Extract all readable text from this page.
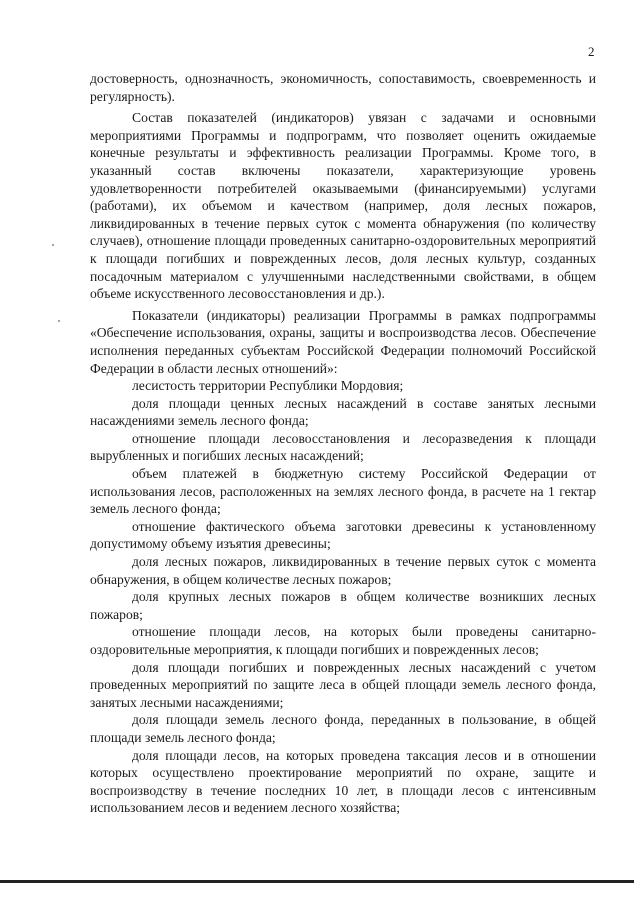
2

достоверность, однозначность, экономичность, сопоставимость, своевременность и регулярность).

Состав показателей (индикаторов) увязан с задачами и основными мероприятиями Программы и подпрограмм, что позволяет оценить ожидаемые конечные результаты и эффективность реализации Программы. Кроме того, в указанный состав включены показатели, характеризующие уровень удовлетворенности потребителей оказываемыми (финансируемыми) услугами (работами), их объемом и качеством (например, доля лесных пожаров, ликвидированных в течение первых суток с момента обнаружения (по количеству случаев), отношение площади проведенных санитарно-оздоровительных мероприятий к площади погибших и поврежденных лесов, доля лесных культур, созданных посадочным материалом с улучшенными наследственными свойствами, в общем объеме искусственного лесовосстановления и др.).

Показатели (индикаторы) реализации Программы в рамках подпрограммы «Обеспечение использования, охраны, защиты и воспроизводства лесов. Обеспечение исполнения переданных субъектам Российской Федерации полномочий Российской Федерации в области лесных отношений»:

лесистость территории Республики Мордовия;

доля площади ценных лесных насаждений в составе занятых лесными насаждениями земель лесного фонда;

отношение площади лесовосстановления и лесоразведения к площади вырубленных и погибших лесных насаждений;

объем платежей в бюджетную систему Российской Федерации от использования лесов, расположенных на землях лесного фонда, в расчете на 1 гектар земель лесного фонда;

отношение фактического объема заготовки древесины к установленному допустимому объему изъятия древесины;

доля лесных пожаров, ликвидированных в течение первых суток с момента обнаружения, в общем количестве лесных пожаров;

доля крупных лесных пожаров в общем количестве возникших лесных пожаров;

отношение площади лесов, на которых были проведены санитарно-оздоровительные мероприятия, к площади погибших и поврежденных лесов;

доля площади погибших и поврежденных лесных насаждений с учетом проведенных мероприятий по защите леса в общей площади земель лесного фонда, занятых лесными насаждениями;

доля площади земель лесного фонда, переданных в пользование, в общей площади земель лесного фонда;

доля площади лесов, на которых проведена таксация лесов и в отношении которых осуществлено проектирование мероприятий по охране, защите и воспроизводству в течение последних 10 лет, в площади лесов с интенсивным использованием лесов и ведением лесного хозяйства;
